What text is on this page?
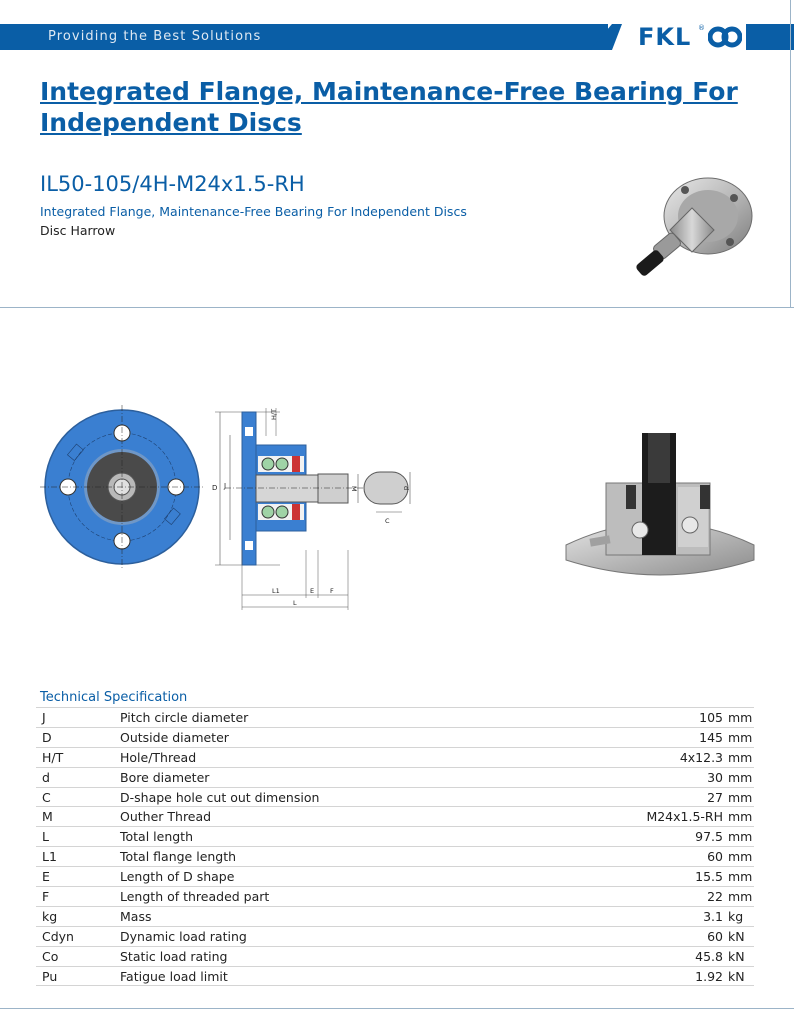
Providing the Best Solutions	FKL ®
Integrated Flange, Maintenance-Free Bearing For Independent Discs
IL50-105/4H-M24x1.5-RH
Integrated Flange, Maintenance-Free Bearing For Independent Discs
Disc Harrow
D J
H/T
M
C
d
L1	E F
L
Technical Specification
J	Pitch circle diameter	105	mm
D	Outside diameter	145	mm
H/T	Hole/Thread	4x12.3	mm
d	Bore diameter	30	mm
C	D-shape hole cut out dimension	27	mm
M	Outher Thread	M24x1.5-RH	mm
L	Total length	97.5	mm
L1	Total flange length	60	mm
E	Length of D shape	15.5	mm
F	Length of threaded part	22	mm
kg	Mass	3.1	kg
Cdyn	Dynamic load rating	60	kN
Co	Static load rating	45.8	kN
Pu	Fatigue load limit	1.92	kN
